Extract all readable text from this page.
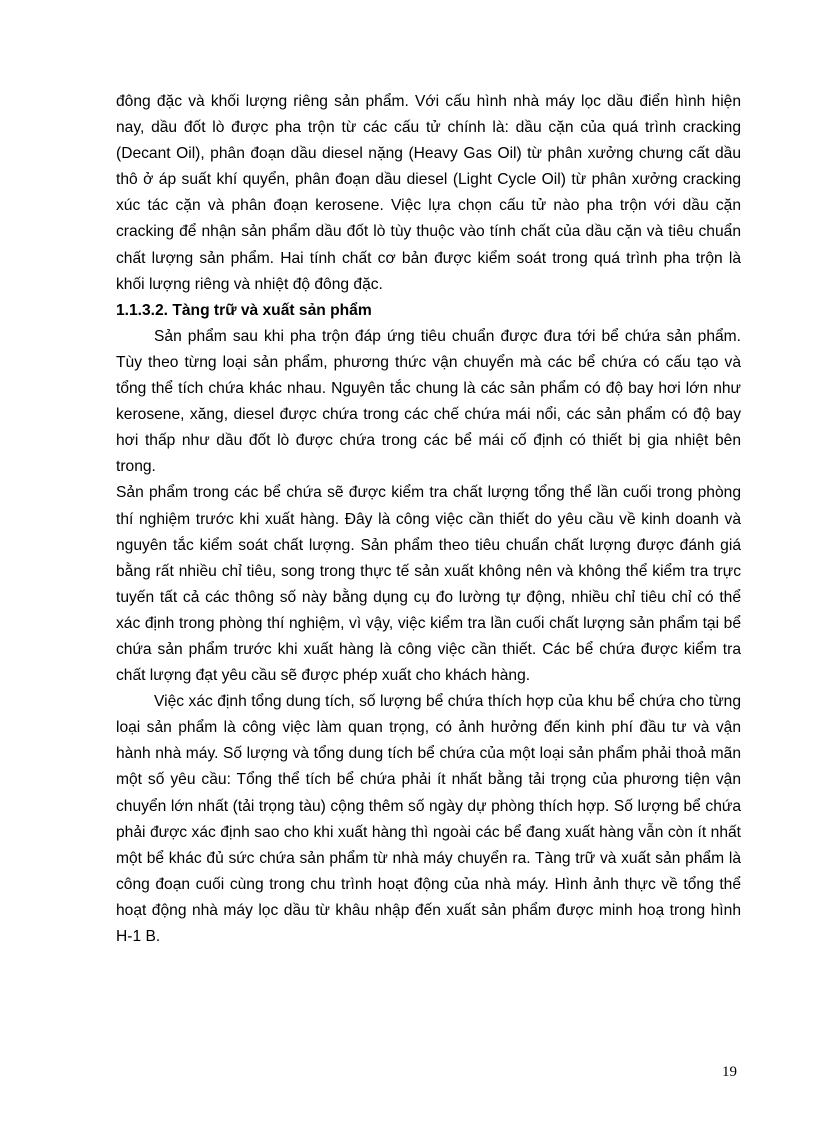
đông đặc và khối lượng riêng sản phẩm. Với cấu hình nhà máy lọc dầu điển hình hiện nay, dầu đốt lò được pha trộn từ các cấu tử chính là: dầu cặn của quá trình cracking (Decant Oil), phân đoạn dầu diesel nặng (Heavy Gas Oil) từ phân xưởng chưng cất dầu thô ở áp suất khí quyển, phân đoạn dầu diesel (Light Cycle Oil) từ phân xưởng cracking xúc tác cặn và phân đoạn kerosene. Việc lựa chọn cấu tử nào pha trộn với dầu cặn cracking để nhận sản phẩm dầu đốt lò tùy thuộc vào tính chất của dầu cặn và tiêu chuẩn chất lượng sản phẩm. Hai tính chất cơ bản được kiểm soát trong quá trình pha trộn là khối lượng riêng và nhiệt độ đông đặc.

1.1.3.2. Tàng trữ và xuất sản phẩm

Sản phẩm sau khi pha trộn đáp ứng tiêu chuẩn được đưa tới bể chứa sản phẩm. Tùy theo từng loại sản phẩm, phương thức vận chuyển mà các bể chứa có cấu tạo và tổng thể tích chứa khác nhau. Nguyên tắc chung là các sản phẩm có độ bay hơi lớn như kerosene, xăng, diesel được chứa trong các chế chứa mái nổi, các sản phẩm có độ bay hơi thấp như dầu đốt lò được chứa trong các bể mái cố định có thiết bị gia nhiệt bên trong.

Sản phẩm trong các bể chứa sẽ được kiểm tra chất lượng tổng thể lần cuối trong phòng thí nghiệm trước khi xuất hàng. Đây là công việc cần thiết do yêu cầu về kinh doanh và nguyên tắc kiểm soát chất lượng. Sản phẩm theo tiêu chuẩn chất lượng được đánh giá bằng rất nhiều chỉ tiêu, song trong thực tế sản xuất không nên và không thể kiểm tra trực tuyến tất cả các thông số này bằng dụng cụ đo lường tự động, nhiều chỉ tiêu chỉ có thể xác định trong phòng thí nghiệm, vì vậy, việc kiểm tra lần cuối chất lượng sản phẩm tại bể chứa sản phẩm trước khi xuất hàng là công việc cần thiết. Các bể chứa được kiểm tra chất lượng đạt yêu cầu sẽ được phép xuất cho khách hàng.

Việc xác định tổng dung tích, số lượng bể chứa thích hợp của khu bể chứa cho từng loại sản phẩm là công việc làm quan trọng, có ảnh hưởng đến kinh phí đầu tư và vận hành nhà máy. Số lượng và tổng dung tích bể chứa của một loại sản phẩm phải thoả mãn một số yêu cầu: Tổng thể tích bể chứa phải ít nhất bằng tải trọng của phương tiện vận chuyển lớn nhất (tải trọng tàu) cộng thêm số ngày dự phòng thích hợp. Số lượng bể chứa phải được xác định sao cho khi xuất hàng thì ngoài các bể đang xuất hàng vẫn còn ít nhất một bể khác đủ sức chứa sản phẩm từ nhà máy chuyển ra. Tàng trữ và xuất sản phẩm là công đoạn cuối cùng trong chu trình hoạt động của nhà máy. Hình ảnh thực về tổng thể hoạt động nhà máy lọc dầu từ khâu nhập đến xuất sản phẩm được minh hoạ trong hình H-1 B.

19
